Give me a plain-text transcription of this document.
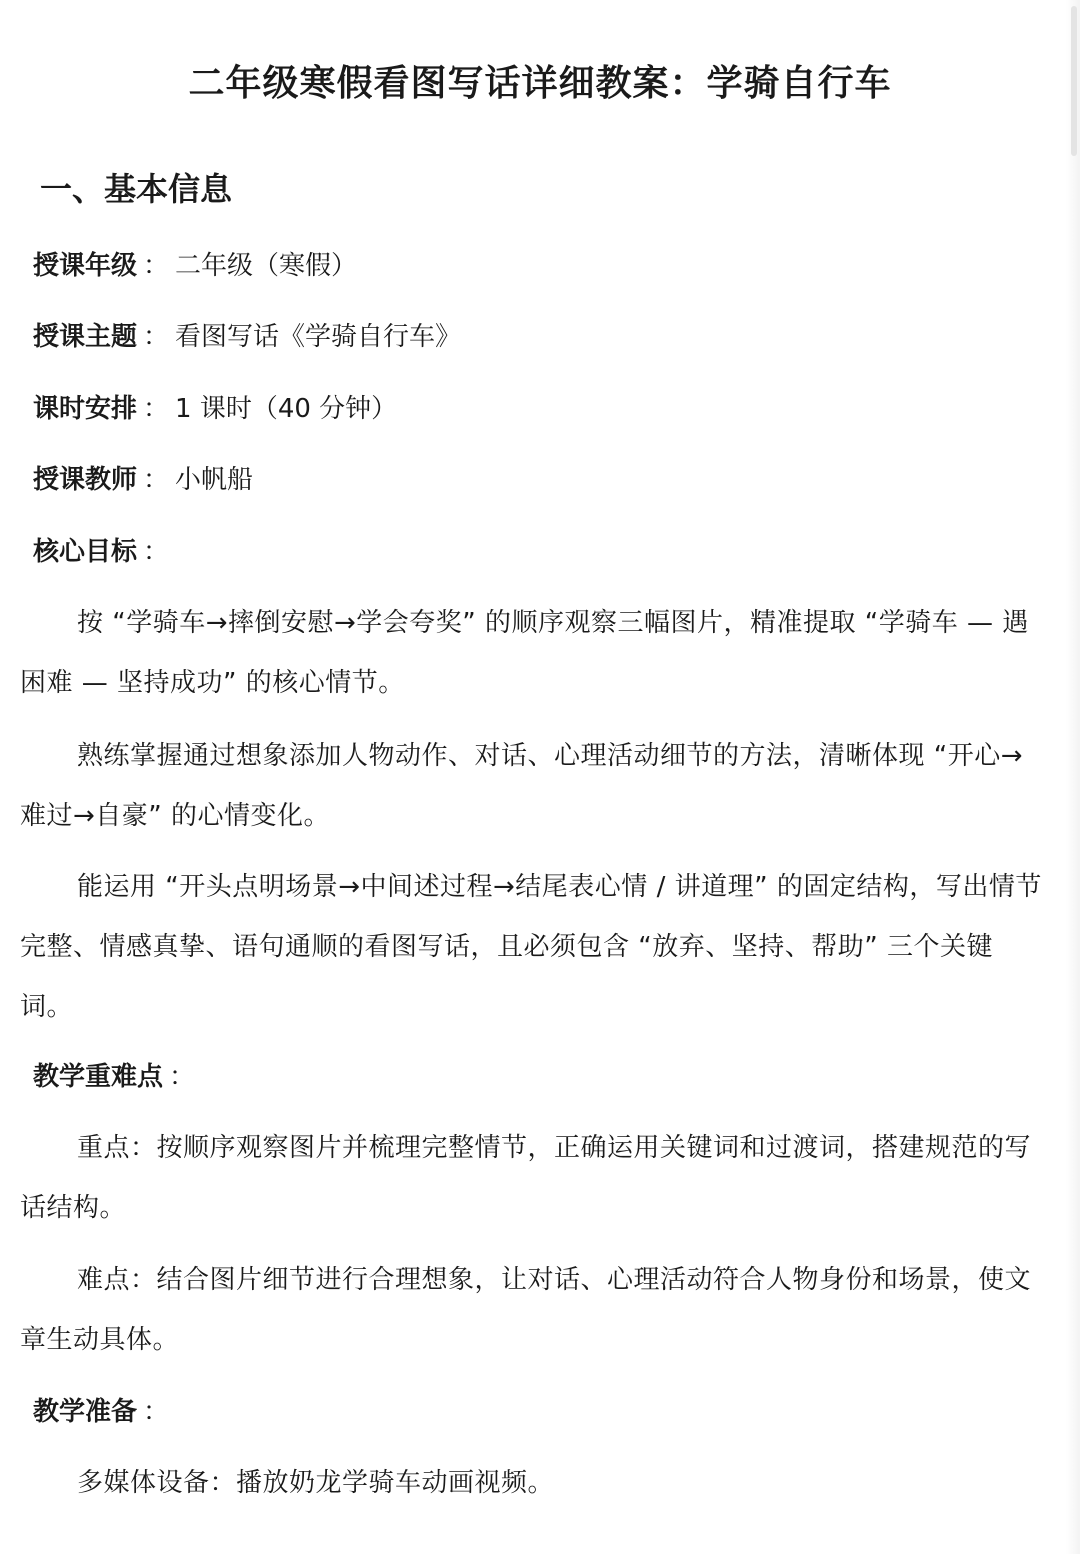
二年级寒假看图写话详细教案：学骑自行车
一、基本信息
授课年级 ： 二年级（寒假）
授课主题 ： 看图写话《学骑自行车》
课时安排 ： 1 课时（40 分钟）
授课教师 ： 小帆船
核心目标 ：

按 “学骑车→摔倒安慰→学会夸奖” 的顺序观察三幅图片，精准提取 “学骑车 — 遇困难 — 坚持成功” 的核心情节。

熟练掌握通过想象添加人物动作、对话、心理活动细节的方法，清晰体现 “开心→难过→自豪” 的心情变化。

能运用 “开头点明场景→中间述过程→结尾表心情 / 讲道理” 的固定结构，写出情节完整、情感真挚、语句通顺的看图写话，且必须包含 “放弃、坚持、帮助” 三个关键词。

教学重难点 ：

重点：按顺序观察图片并梳理完整情节，正确运用关键词和过渡词，搭建规范的写话结构。

难点：结合图片细节进行合理想象，让对话、心理活动符合人物身份和场景，使文章生动具体。

教学准备 ：

多媒体设备：播放奶龙学骑车动画视频。
